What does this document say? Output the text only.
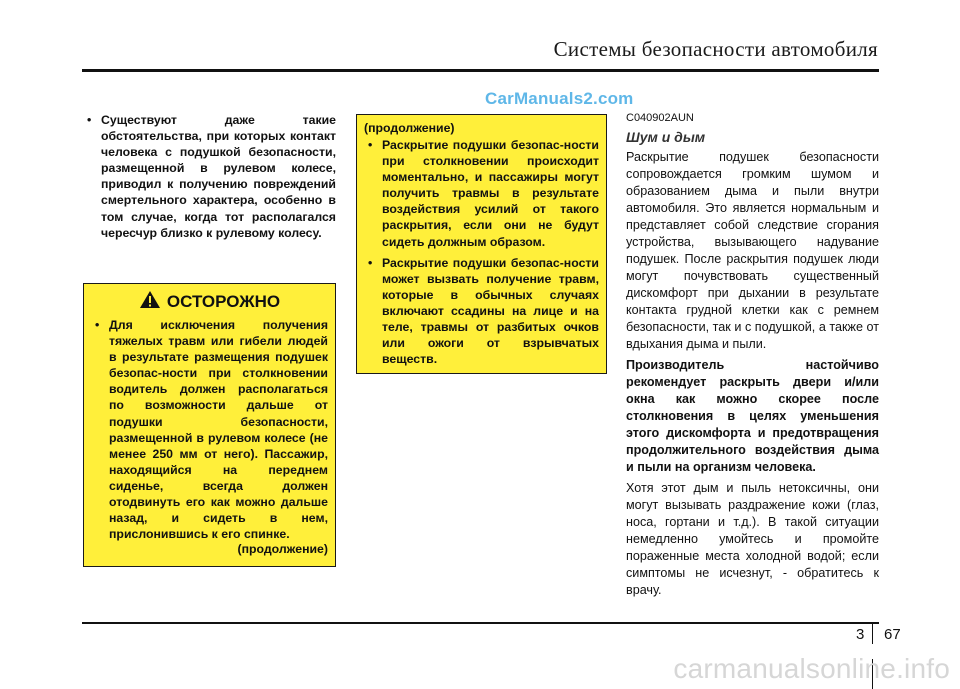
Системы безопасности автомобиля
CarManuals2.com
• Существуют даже такие обстоятельства, при которых контакт человека с подушкой безопасности, размещенной в рулевом колесе, приводил к получению повреждений смертельного характера, особенно в том случае, когда тот располагался чересчур близко к рулевому колесу.
ОСТОРОЖНО
• Для исключения получения тяжелых травм или гибели людей в результате размещения подушек безопас-ности при столкновении водитель должен располагаться по возможности дальше от подушки безопасности, размещенной в рулевом колесе (не менее 250 мм от него). Пассажир, находящийся на переднем сиденье, всегда должен отодвинуть его как можно дальше назад, и сидеть в нем, прислонившись к его спинке.
(продолжение)
(продолжение)
• Раскрытие подушки безопас-ности при столкновении происходит моментально, и пассажиры могут получить травмы в результате воздействия усилий от такого раскрытия, если они не будут сидеть должным образом.
• Раскрытие подушки безопас-ности может вызвать получение травм, которые в обычных случаях включают ссадины на лице и на теле, травмы от разбитых очков или ожоги от взрывчатых веществ.
C040902AUN
Шум и дым
Раскрытие подушек безопасности сопровождается громким шумом и образованием дыма и пыли внутри автомобиля. Это является нормальным и представляет собой следствие сгорания устройства, вызывающего надувание подушек. После раскрытия подушек люди могут почувствовать существенный дискомфорт при дыхании в результате контакта грудной клетки как с ремнем безопасности, так и с подушкой, а также от вдыхания дыма и пыли.
Производитель настойчиво рекомендует раскрыть двери и/или окна как можно скорее после столкновения в целях уменьшения этого дискомфорта и предотвращения продолжительного воздействия дыма и пыли на организм человека.
Хотя этот дым и пыль нетоксичны, они могут вызывать раздражение кожи (глаз, носа, гортани и т.д.). В такой ситуации немедленно умойтесь и промойте пораженные места холодной водой; если симптомы не исчезнут, - обратитесь к врачу.
3 67
carmanualsonline.info
